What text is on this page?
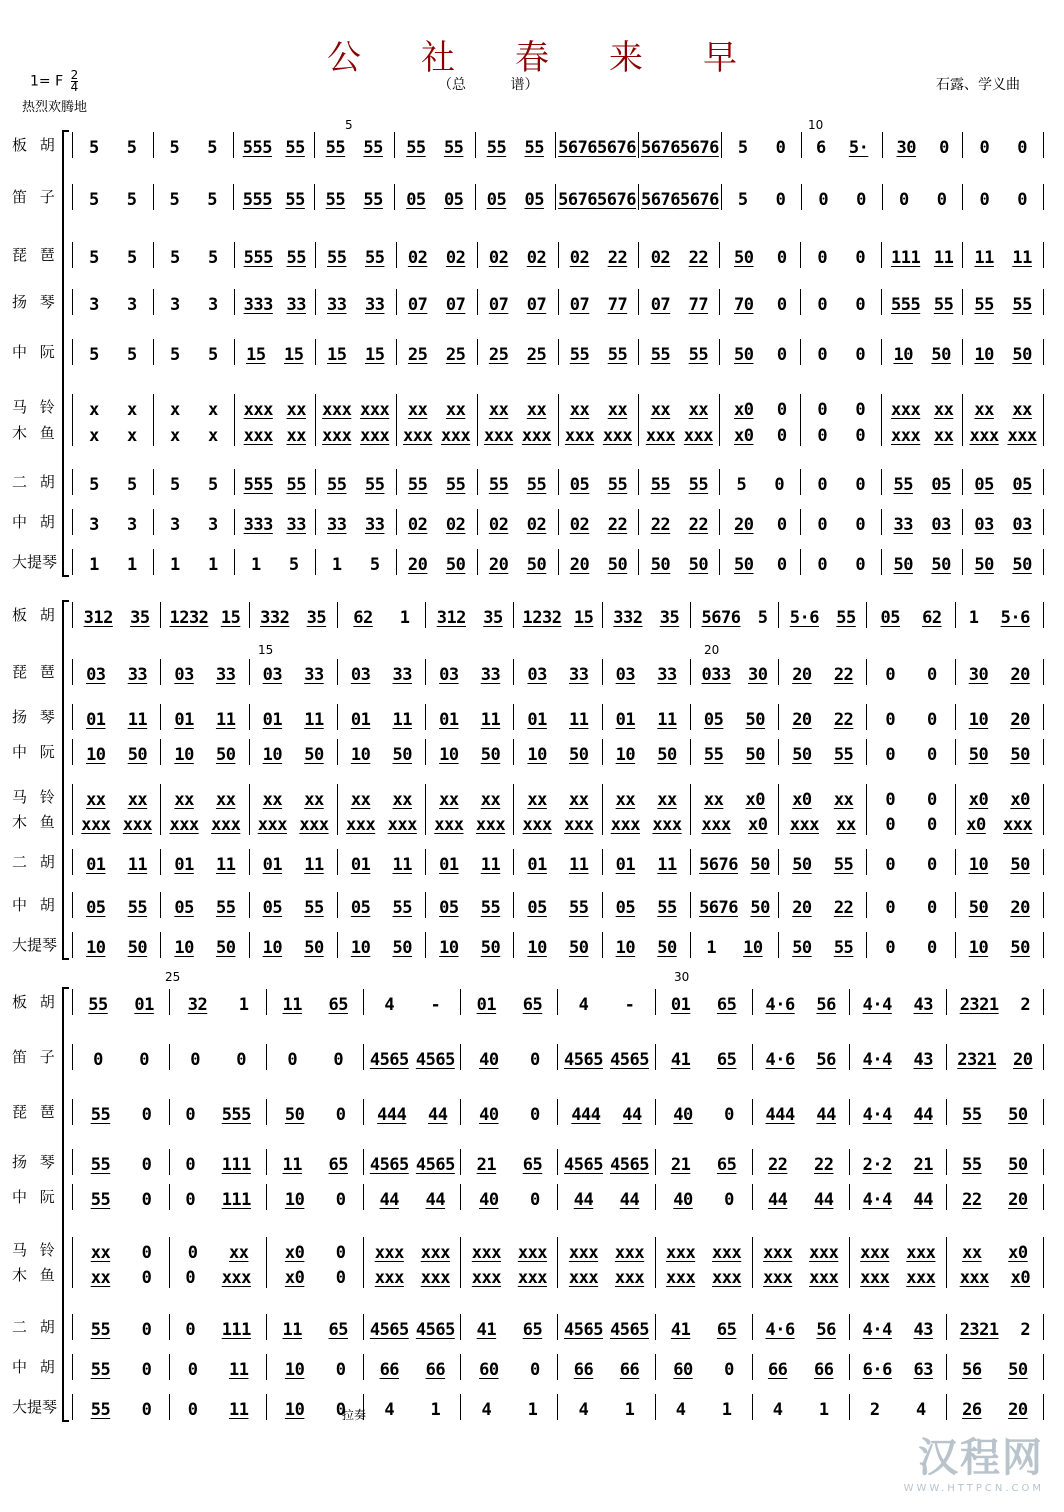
公 社 春 来 早
1= F $\frac{2}{4}$
热烈欢腾地
（总 谱）	石露、学义曲
5	10
板 胡	5 5 5 5 555 55 55 55 55 55 55 55 5676 5676 5676 5676 5 0 6 5· 30 0 0 0
笛 子	5 5 5 5 555 55 55 55 05 05 05 05 5676 5676 5676 5676 5 0 0 0 0 0 0 0
琵 琶	5 5 5 5 555 55 55 55 02 02 02 02 02 22 02 22 50 0 0 0 111 11 11 11
扬 琴	3 3 3 3 333 33 33 33 07 07 07 07 07 77 07 77 70 0 0 0 555 55 55 55
中 阮	5 5 5 5 15 15 15 15 25 25 25 25 55 55 55 55 50 0 0 0 10 50 10 50
马 铃	x x x x xxx xx xxx xxx xx xx xx xx xx xx xx xx x0 0 0 0 xxx xx xx xx
木 鱼	x x x x xxx xx xxx xxx xxx xxx xxx xxx xxx xxx xxx xxx x0 0 0 0 xxx xx xxx xxx
二 胡	5 5 5 5 555 55 55 55 55 55 55 55 05 55 55 55 5 0 0 0 55 05 05 05
中 胡	3 3 3 3 333 33 33 33 02 02 02 02 02 22 22 22 20 0 0 0 33 03 03 03
大提琴	1 1 1 1 1 5 1 5 20 50 20 50 20 50 50 50 50 0 0 0 50 50 50 50
15	20
板 胡	312 35 1232 15 332 35 62 1 312 35 1232 15 332 35 5676 5 5·6 55 05 62 1 5·6
琵 琶	03 33 03 33 03 33 03 33 03 33 03 33 03 33 033 30 20 22 0 0 30 20
扬 琴	01 11 01 11 01 11 01 11 01 11 01 11 01 11 05 50 20 22 0 0 10 20
中 阮	10 50 10 50 10 50 10 50 10 50 10 50 10 50 55 50 50 55 0 0 50 50
马 铃	xx xx xx xx xx xx xx xx xx xx xx xx xx xx xx x0 x0 xx 0 0 x0 x0
木 鱼	xxx xxx xxx xxx xxx xxx xxx xxx xxx xxx xxx xxx xxx xxx xxx x0 xxx xx 0 0 x0 xxx
二 胡	01 11 01 11 01 11 01 11 01 11 01 11 01 11 5676 50 50 55 0 0 10 50
中 胡	05 55 05 55 05 55 05 55 05 55 05 55 05 55 5676 50 20 22 0 0 50 20
大提琴	10 50 10 50 10 50 10 50 10 50 10 50 10 50 1 10 50 55 0 0 10 50
25	30
板 胡	55 01 32 1 11 65 4 - 01 65 4 - 01 65 4·6 56 4·4 43 2321 2
笛 子	0 0 0 0 0 0 4565 4565 40 0 4565 4565 41 65 4·6 56 4·4 43 2321 20
琵 琶	55 0 0 555 50 0 444 44 40 0 444 44 40 0 444 44 4·4 44 55 50
扬 琴	55 0 0 111 11 65 4565 4565 21 65 4565 4565 21 65 22 22 2·2 21 55 50
中 阮	55 0 0 111 10 0 44 44 40 0 44 44 40 0 44 44 4·4 44 22 20
马 铃	xx 0 0 xx x0 0 xxx xxx xxx xxx xxx xxx xxx xxx xxx xxx xxx xxx xx x0
木 鱼	xx 0 0 xxx x0 0 xxx xxx xxx xxx xxx xxx xxx xxx xxx xxx xxx xxx xxx x0
二 胡	55 0 0 111 11 65 4565 4565 41 65 4565 4565 41 65 4·6 56 4·4 43 2321 2
中 胡	55 0 0 11 10 0 66 66 60 0 66 66 60 0 66 66 6·6 63 56 50
大提琴	55 0 0 11 10 0 4 1 4 1 4 1 4 1 4 1 2 4 26 20
拉奏
汉程网
WWW.HTTPCN.COM
